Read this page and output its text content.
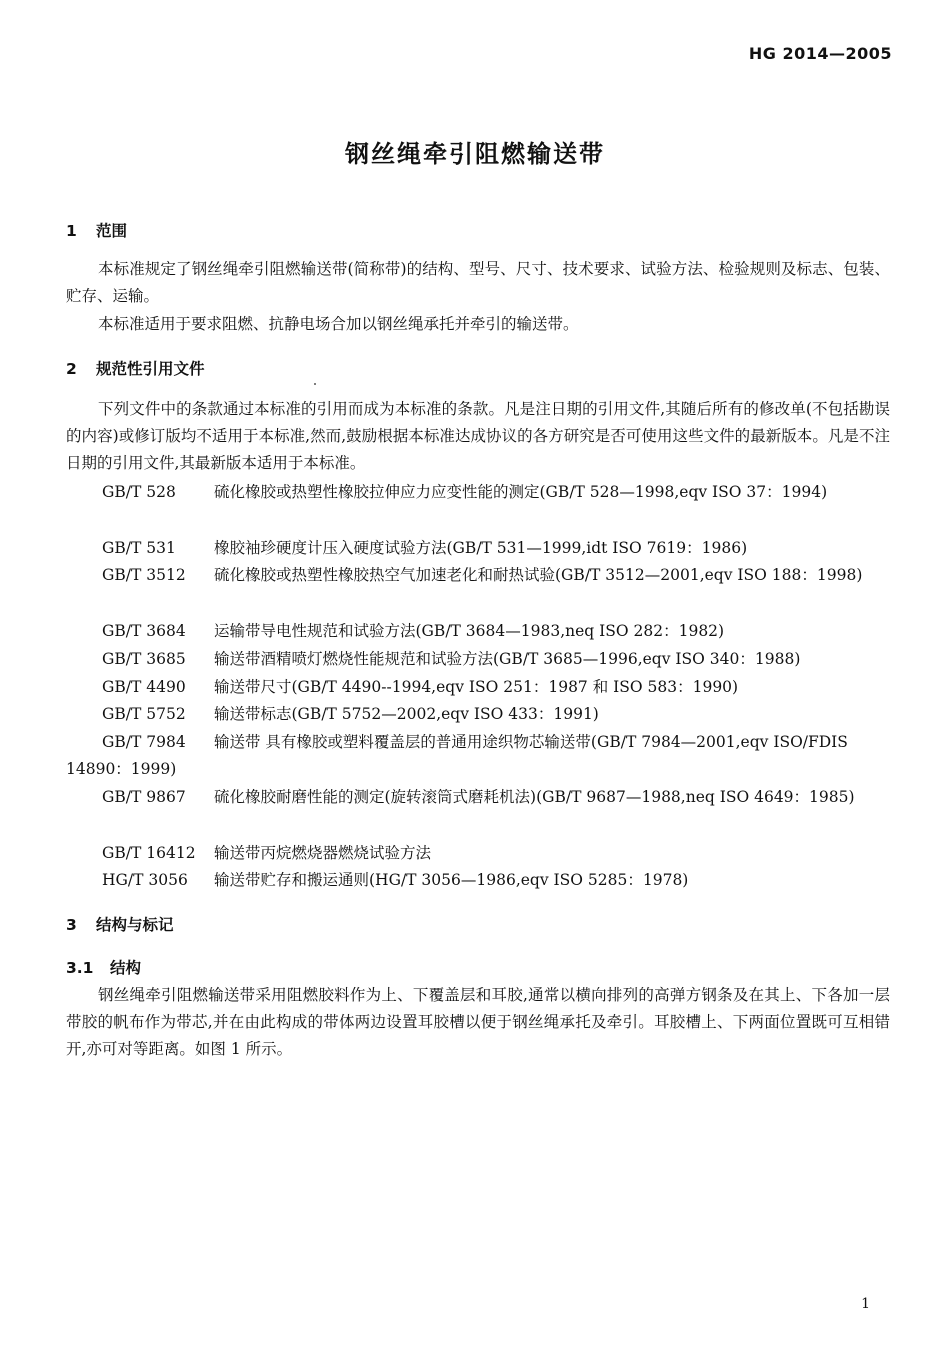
HG 2014—2005
钢丝绳牵引阻燃输送带
1 范围
本标准规定了钢丝绳牵引阻燃输送带(简称带)的结构、型号、尺寸、技术要求、试验方法、检验规则及标志、包装、贮存、运输。
本标准适用于要求阻燃、抗静电场合加以钢丝绳承托并牵引的输送带。
2 规范性引用文件
下列文件中的条款通过本标准的引用而成为本标准的条款。凡是注日期的引用文件,其随后所有的修改单(不包括勘误的内容)或修订版均不适用于本标准,然而,鼓励根据本标准达成协议的各方研究是否可使用这些文件的最新版本。凡是不注日期的引用文件,其最新版本适用于本标准。
GB/T 528 硫化橡胶或热塑性橡胶拉伸应力应变性能的测定(GB/T 528—1998,eqv ISO 37：1994)
GB/T 531 橡胶袖珍硬度计压入硬度试验方法(GB/T 531—1999,idt ISO 7619：1986)
GB/T 3512 硫化橡胶或热塑性橡胶热空气加速老化和耐热试验(GB/T 3512—2001,eqv ISO 188：1998)
GB/T 3684 运输带导电性规范和试验方法(GB/T 3684—1983,neq ISO 282：1982)
GB/T 3685 输送带酒精喷灯燃烧性能规范和试验方法(GB/T 3685—1996,eqv ISO 340：1988)
GB/T 4490 输送带尺寸(GB/T 4490--1994,eqv ISO 251：1987 和 ISO 583：1990)
GB/T 5752 输送带标志(GB/T 5752—2002,eqv ISO 433：1991)
GB/T 7984 输送带 具有橡胶或塑料覆盖层的普通用途织物芯输送带(GB/T 7984—2001,eqv ISO/FDIS 14890：1999)
GB/T 9867 硫化橡胶耐磨性能的测定(旋转滚筒式磨耗机法)(GB/T 9687—1988,neq ISO 4649：1985)
GB/T 16412 输送带丙烷燃烧器燃烧试验方法
HG/T 3056 输送带贮存和搬运通则(HG/T 3056—1986,eqv ISO 5285：1978)
3 结构与标记
3.1 结构
钢丝绳牵引阻燃输送带采用阻燃胶料作为上、下覆盖层和耳胶,通常以横向排列的高弹方钢条及在其上、下各加一层带胶的帆布作为带芯,并在由此构成的带体两边设置耳胶槽以便于钢丝绳承托及牵引。耳胶槽上、下两面位置既可互相错开,亦可对等距离。如图 1 所示。
1
